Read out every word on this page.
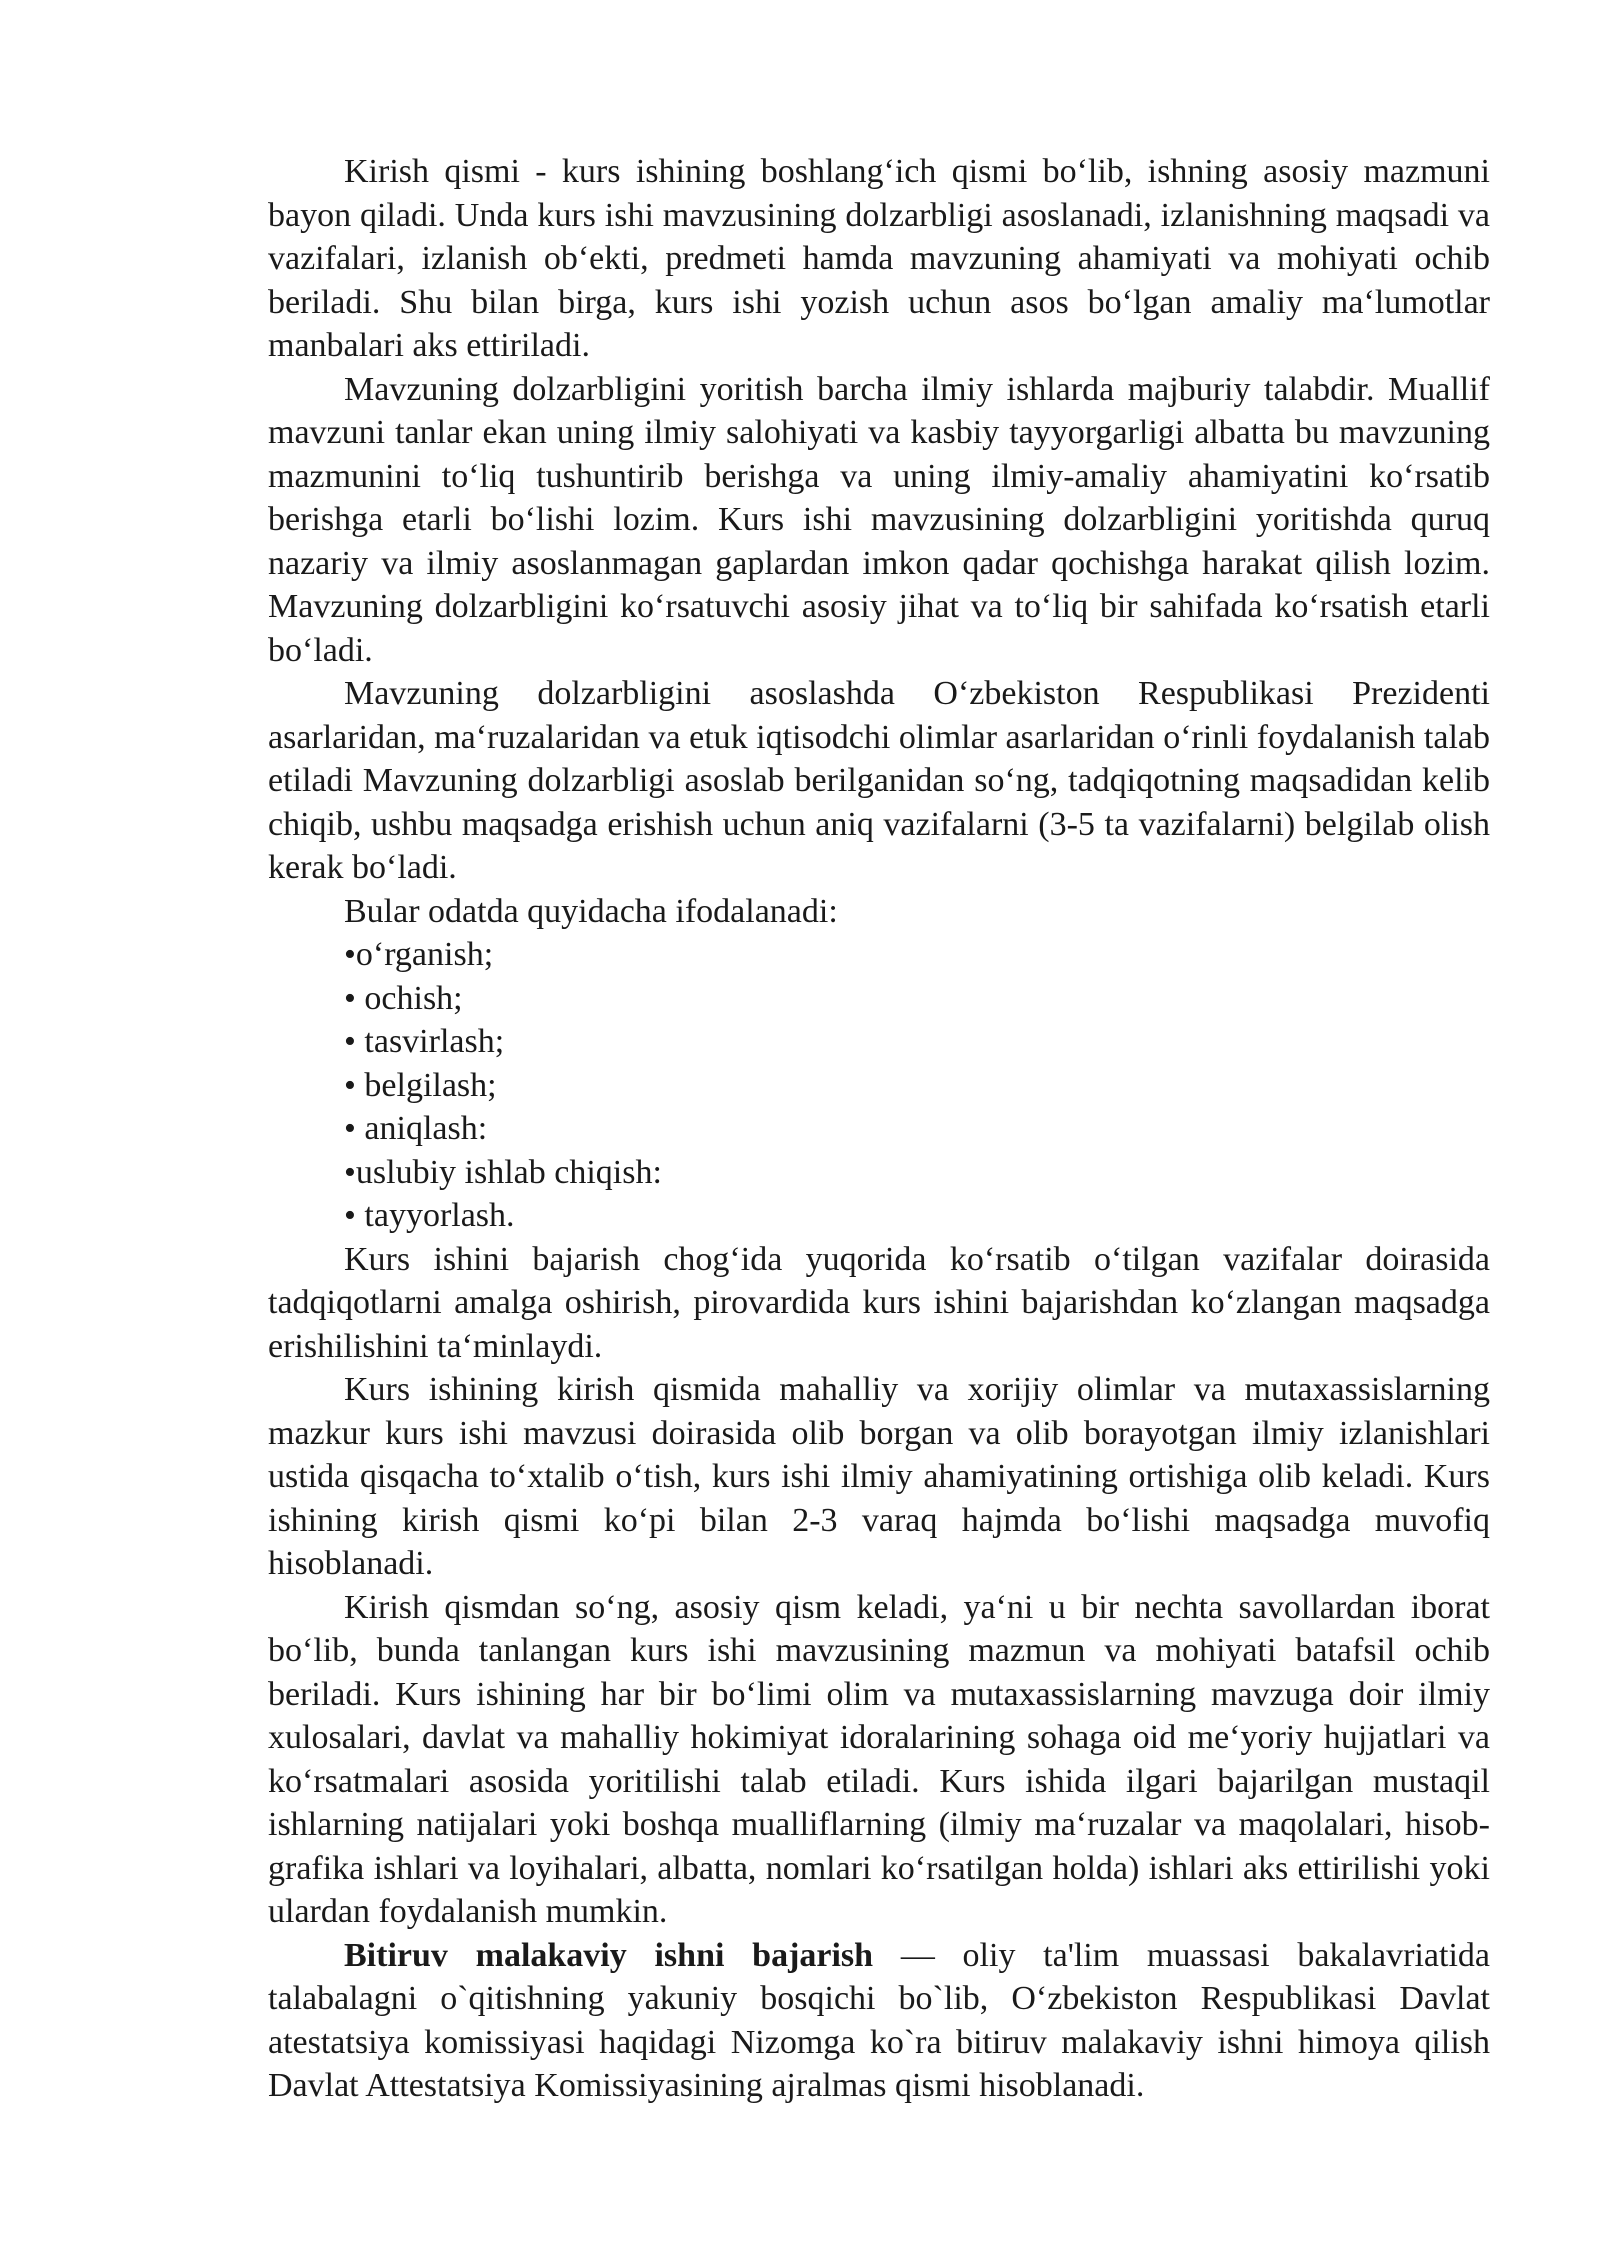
Kirish qismi - kurs ishining boshlang‘ich qismi bo‘lib, ishning asosiy mazmuni bayon qiladi. Unda kurs ishi mavzusining dolzarbligi asoslanadi, izlanishning maqsadi va vazifalari, izlanish ob‘ekti, predmeti hamda mavzuning ahamiyati va mohiyati ochib beriladi. Shu bilan birga, kurs ishi yozish uchun asos bo‘lgan amaliy ma‘lumotlar manbalari aks ettiriladi.

Mavzuning dolzarbligini yoritish barcha ilmiy ishlarda majburiy talabdir. Muallif mavzuni tanlar ekan uning ilmiy salohiyati va kasbiy tayyorgarligi albatta bu mavzuning mazmunini to‘liq tushuntirib berishga va uning ilmiy-amaliy ahamiyatini ko‘rsatib berishga etarli bo‘lishi lozim. Kurs ishi mavzusining dolzarbligini yoritishda quruq nazariy va ilmiy asoslanmagan gaplardan imkon qadar qochishga harakat qilish lozim. Mavzuning dolzarbligini ko‘rsatuvchi asosiy jihat va to‘liq bir sahifada ko‘rsatish etarli bo‘ladi.

Mavzuning dolzarbligini asoslashda O‘zbekiston Respublikasi Prezidenti asarlaridan, ma‘ruzalaridan va etuk iqtisodchi olimlar asarlaridan o‘rinli foydalanish talab etiladi Mavzuning dolzarbligi asoslab berilganidan so‘ng, tadqiqotning maqsadidan kelib chiqib, ushbu maqsadga erishish uchun aniq vazifalarni (3-5 ta vazifalarni) belgilab olish kerak bo‘ladi.

Bular odatda quyidacha ifodalanadi:

•o‘rganish;
• ochish;
• tasvirlash;
• belgilash;
• aniqlash:
•uslubiy ishlab chiqish:
• tayyorlash.

Kurs ishini bajarish chog‘ida yuqorida ko‘rsatib o‘tilgan vazifalar doirasida tadqiqotlarni amalga oshirish, pirovardida kurs ishini bajarishdan ko‘zlangan maqsadga erishilishini ta‘minlaydi.

Kurs ishining kirish qismida mahalliy va xorijiy olimlar va mutaxassislarning mazkur kurs ishi mavzusi doirasida olib borgan va olib borayotgan ilmiy izlanishlari ustida qisqacha to‘xtalib o‘tish, kurs ishi ilmiy ahamiyatining ortishiga olib keladi. Kurs ishining kirish qismi ko‘pi bilan 2-3 varaq hajmda bo‘lishi maqsadga muvofiq hisoblanadi.

Kirish qismdan so‘ng, asosiy qism keladi, ya‘ni u bir nechta savollardan iborat bo‘lib, bunda tanlangan kurs ishi mavzusining mazmun va mohiyati batafsil ochib beriladi. Kurs ishining har bir bo‘limi olim va mutaxassislarning mavzuga doir ilmiy xulosalari, davlat va mahalliy hokimiyat idoralarining sohaga oid me‘yoriy hujjatlari va ko‘rsatmalari asosida yoritilishi talab etiladi. Kurs ishida ilgari bajarilgan mustaqil ishlarning natijalari yoki boshqa mualliflarning (ilmiy ma‘ruzalar va maqolalari, hisob-grafika ishlari va loyihalari, albatta, nomlari ko‘rsatilgan holda) ishlari aks ettirilishi yoki ulardan foydalanish mumkin.

Bitiruv malakaviy ishni bajarish — oliy ta'lim muassasi bakalavriatida talabalagni o`qitishning yakuniy bosqichi bo`lib, O‘zbekiston Respublikasi Davlat atestatsiya komissiyasi haqidagi Nizomga ko`ra bitiruv malakaviy ishni himoya qilish Davlat Attestatsiya Komissiyasining ajralmas qismi hisoblanadi.
